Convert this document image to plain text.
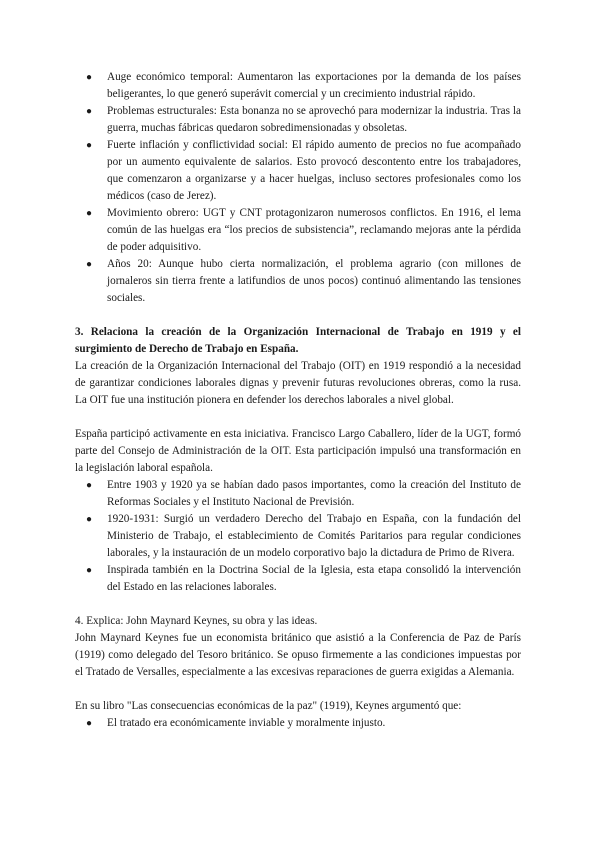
● Auge económico temporal: Aumentaron las exportaciones por la demanda de los países beligerantes, lo que generó superávit comercial y un crecimiento industrial rápido.
● Problemas estructurales: Esta bonanza no se aprovechó para modernizar la industria. Tras la guerra, muchas fábricas quedaron sobredimensionadas y obsoletas.
● Fuerte inflación y conflictividad social: El rápido aumento de precios no fue acompañado por un aumento equivalente de salarios. Esto provocó descontento entre los trabajadores, que comenzaron a organizarse y a hacer huelgas, incluso sectores profesionales como los médicos (caso de Jerez).
● Movimiento obrero: UGT y CNT protagonizaron numerosos conflictos. En 1916, el lema común de las huelgas era “los precios de subsistencia”, reclamando mejoras ante la pérdida de poder adquisitivo.
● Años 20: Aunque hubo cierta normalización, el problema agrario (con millones de jornaleros sin tierra frente a latifundios de unos pocos) continuó alimentando las tensiones sociales.

3. Relaciona la creación de la Organización Internacional de Trabajo en 1919 y el surgimiento de Derecho de Trabajo en España.

La creación de la Organización Internacional del Trabajo (OIT) en 1919 respondió a la necesidad de garantizar condiciones laborales dignas y prevenir futuras revoluciones obreras, como la rusa. La OIT fue una institución pionera en defender los derechos laborales a nivel global.

España participó activamente en esta iniciativa. Francisco Largo Caballero, líder de la UGT, formó parte del Consejo de Administración de la OIT. Esta participación impulsó una transformación en la legislación laboral española.

● Entre 1903 y 1920 ya se habían dado pasos importantes, como la creación del Instituto de Reformas Sociales y el Instituto Nacional de Previsión.
● 1920-1931: Surgió un verdadero Derecho del Trabajo en España, con la fundación del Ministerio de Trabajo, el establecimiento de Comités Paritarios para regular condiciones laborales, y la instauración de un modelo corporativo bajo la dictadura de Primo de Rivera.
● Inspirada también en la Doctrina Social de la Iglesia, esta etapa consolidó la intervención del Estado en las relaciones laborales.

4. Explica: John Maynard Keynes, su obra y las ideas.

John Maynard Keynes fue un economista británico que asistió a la Conferencia de Paz de París (1919) como delegado del Tesoro británico. Se opuso firmemente a las condiciones impuestas por el Tratado de Versalles, especialmente a las excesivas reparaciones de guerra exigidas a Alemania.

En su libro "Las consecuencias económicas de la paz" (1919), Keynes argumentó que:

● El tratado era económicamente inviable y moralmente injusto.
